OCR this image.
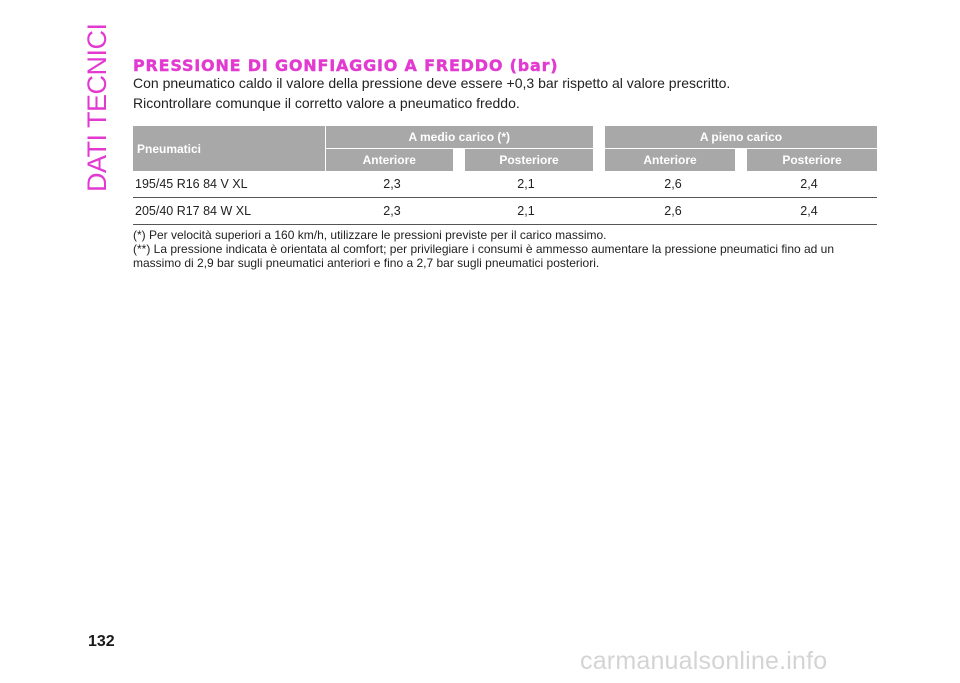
DATI TECNICI PRESSIONE DI GONFIAGGIO A FREDDO (bar)
Con pneumatico caldo il valore della pressione deve essere +0,3 bar rispetto al valore prescritto.
Ricontrollare comunque il corretto valore a pneumatico freddo.
Pneumatici	A medio carico (*)			A pieno carico	
	Anteriore	Posteriore		Anteriore	Posteriore
195/45 R16 84 V XL	2,3	2,1		2,6	2,4
205/40 R17 84 W XL	2,3	2,1		2,6	2,4
(*) Per velocità superiori a 160 km/h, utilizzare le pressioni previste per il carico massimo.
(**) La pressione indicata è orientata al comfort; per privilegiare i consumi è ammesso aumentare la pressione pneumatici fino ad un massimo di 2,9 bar sugli pneumatici anteriori e fino a 2,7 bar sugli pneumatici posteriori.
132
carmanualsonline.info
